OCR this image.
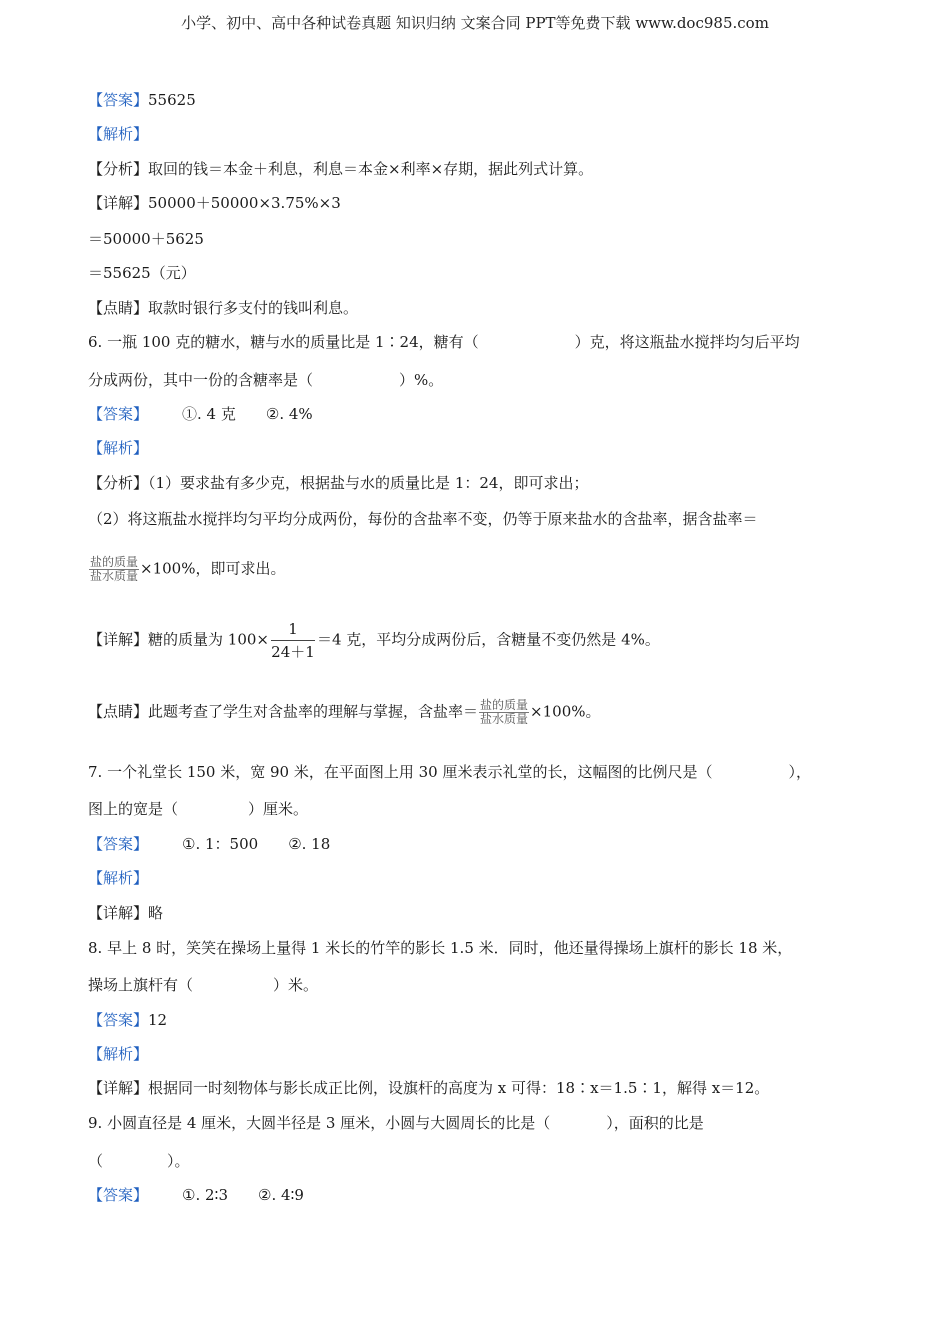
小学、初中、高中各种试卷真题 知识归纳 文案合同 PPT等免费下载 www.doc985.com
【答案】55625
【解析】
【分析】取回的钱＝本金＋利息，利息＝本金×利率×存期，据此列式计算。
【详解】50000＋50000×3.75%×3
＝50000＋5625
＝55625（元）
【点睛】取款时银行多支付的钱叫利息。
6. 一瓶 100 克的糖水，糖与水的质量比是 1∶24，糖有（	）克，将这瓶盐水搅拌均匀后平均
分成两份，其中一份的含糖率是（	）%。
【答案】 ①. 4 克 ②. 4%
【解析】
【分析】（1）要求盐有多少克，根据盐与水的质量比是 1：24，即可求出；
（2）将这瓶盐水搅拌均匀平均分成两份，每份的含盐率不变，仍等于原来盐水的含盐率，据含盐率＝
$\frac{\text{盐的质量}}{\text{盐水质量}} \times 100\%$，即可求出。
【详解】糖的质量为 $100\times \frac{1}{24+1} =4$ 克，平均分成两份后，含糖量不变仍然是 4%。
【点睛】此题考查了学生对含盐率的理解与掌握，含盐率＝ $\frac{\text{盐的质量}}{\text{盐水质量}} \times 100\%$。
7. 一个礼堂长 150 米，宽 90 米，在平面图上用 30 厘米表示礼堂的长，这幅图的比例尺是（	），
图上的宽是（	）厘米。
【答案】 ①. 1：500 ②. 18
【解析】
【详解】略
8. 早上 8 时，笑笑在操场上量得 1 米长的竹竿的影长 1.5 米．同时，他还量得操场上旗杆的影长 18 米，
操场上旗杆有（	）米。
【答案】12
【解析】
【详解】根据同一时刻物体与影长成正比例，设旗杆的高度为 x 可得：18∶x＝1.5∶1，解得 x＝12。
9. 小圆直径是 4 厘米，大圆半径是 3 厘米，小圆与大圆周长的比是（	），面积的比是
（	）。
【答案】 ①. 2∶3 ②. 4∶9
